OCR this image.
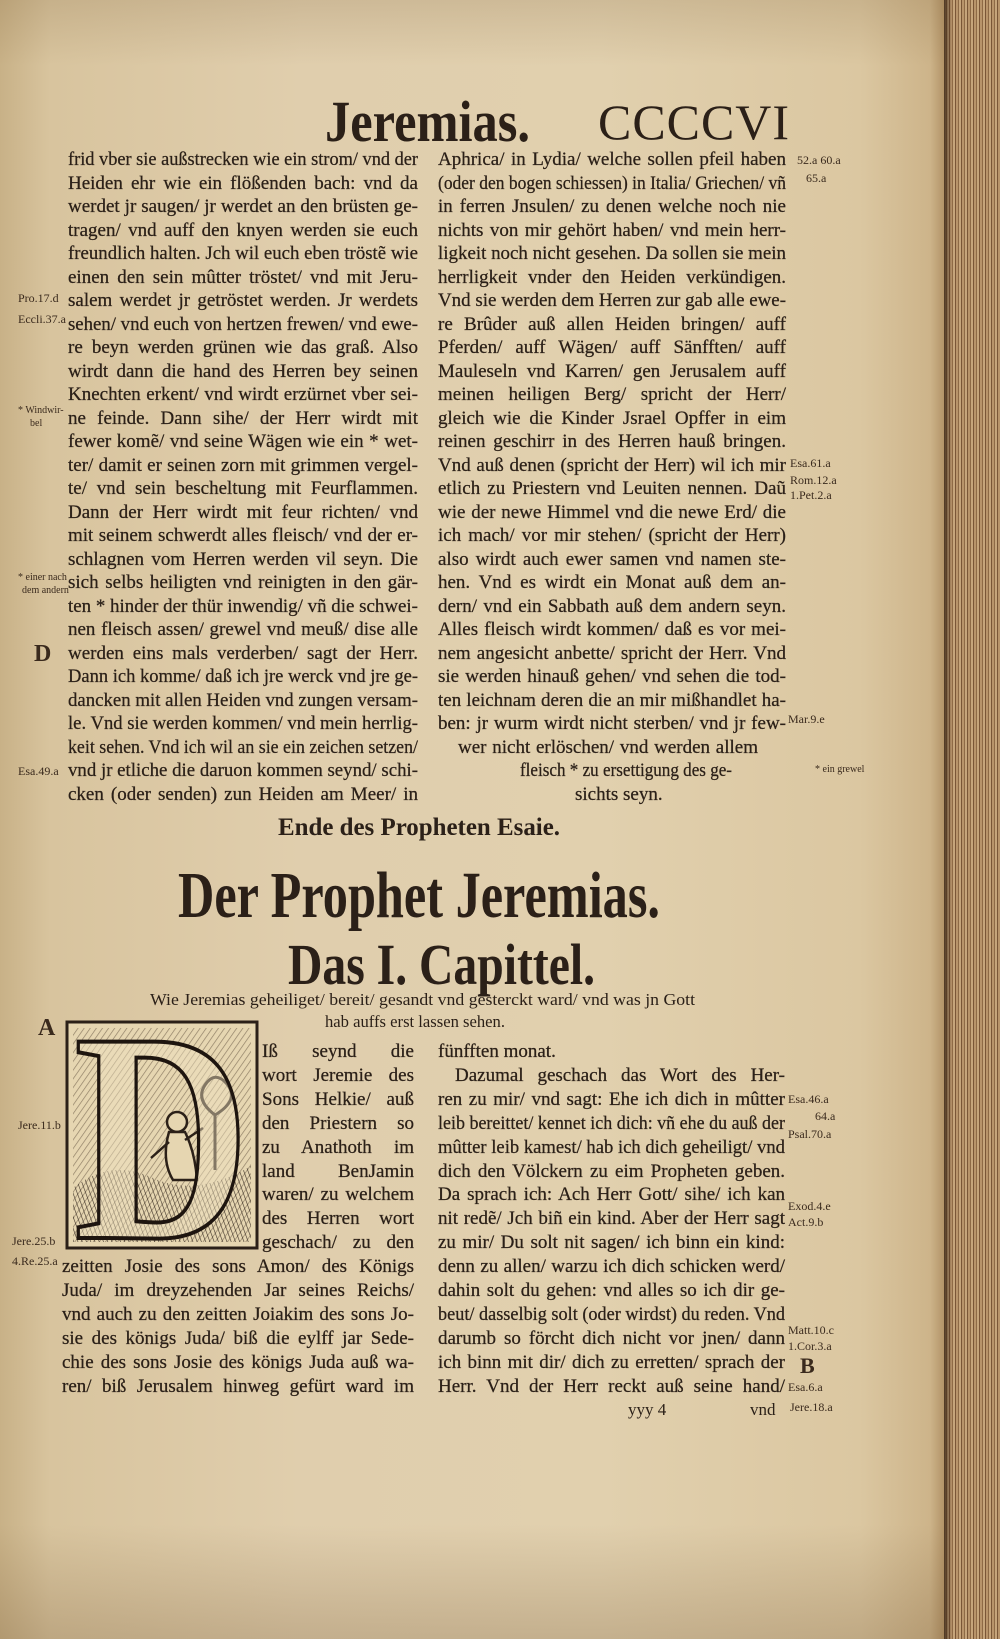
Jeremias. CCCCVI
frid vber sie außstrecken wie ein strom/ vnd der
Heiden ehr wie ein flößenden bach: vnd da
werdet jr saugen/ jr werdet an den brüsten ge-
tragen/ vnd auff den knyen werden sie euch
freundlich halten. Jch wil euch eben tröstẽ wie
einen den sein mûtter tröstet/ vnd mit Jeru-
salem werdet jr getröstet werden. Jr werdets
sehen/ vnd euch von hertzen frewen/ vnd ewe-
re beyn werden grünen wie das graß. Also
wirdt dann die hand des Herren bey seinen
Knechten erkent/ vnd wirdt erzürnet vber sei-
ne feinde. Dann sihe/ der Herr wirdt mit
fewer komẽ/ vnd seine Wägen wie ein * wet-
ter/ damit er seinen zorn mit grimmen vergel-
te/ vnd sein bescheltung mit Feurflammen.
Dann der Herr wirdt mit feur richten/ vnd
mit seinem schwerdt alles fleisch/ vnd der er-
schlagnen vom Herren werden vil seyn. Die
sich selbs heiligten vnd reinigten in den gär-
ten * hinder der thür inwendig/ vñ die schwei-
nen fleisch assen/ grewel vnd meuß/ dise alle
werden eins mals verderben/ sagt der Herr.
Dann ich komme/ daß ich jre werck vnd jre ge-
dancken mit allen Heiden vnd zungen versam-
le. Vnd sie werden kommen/ vnd mein herrlig-
keit sehen. Vnd ich wil an sie ein zeichen setzen/
vnd jr etliche die daruon kommen seynd/ schi-
cken (oder senden) zun Heiden am Meer/ in
Aphrica/ in Lydia/ welche sollen pfeil haben
(oder den bogen schiessen) in Italia/ Griechen/ vñ
in ferren Jnsulen/ zu denen welche noch nie
nichts von mir gehört haben/ vnd mein herr-
ligkeit noch nicht gesehen. Da sollen sie mein
herrligkeit vnder den Heiden verkündigen.
Vnd sie werden dem Herren zur gab alle ewe-
re Brûder auß allen Heiden bringen/ auff
Pferden/ auff Wägen/ auff Sänfften/ auff
Mauleseln vnd Karren/ gen Jerusalem auff
meinen heiligen Berg/ spricht der Herr/
gleich wie die Kinder Jsrael Opffer in eim
reinen geschirr in des Herren hauß bringen.
Vnd auß denen (spricht der Herr) wil ich mir
etlich zu Priestern vnd Leuiten nennen. Daũ
wie der newe Himmel vnd die newe Erd/ die
ich mach/ vor mir stehen/ (spricht der Herr)
also wirdt auch ewer samen vnd namen ste-
hen. Vnd es wirdt ein Monat auß dem an-
dern/ vnd ein Sabbath auß dem andern seyn.
Alles fleisch wirdt kommen/ daß es vor mei-
nem angesicht anbette/ spricht der Herr. Vnd
sie werden hinauß gehen/ vnd sehen die tod-
ten leichnam deren die an mir mißhandlet ha-
ben: jr wurm wirdt nicht sterben/ vnd jr few-
wer nicht erlöschen/ vnd werden allem
fleisch * zu ersettigung des ge-
sichts seyn.
Ende des Propheten Esaie.
Der Prophet Jeremias.
Das I. Capittel.
Wie Jeremias geheiliget/ bereit/ gesandt vnd gesterckt ward/ vnd was jn Gott
hab auffs erst lassen sehen.
D Iß seynd die
wort Jeremie des
Sons Helkie/ auß
den Priestern so
zu Anathoth im
land BenJamin
waren/ zu welchem
des Herren wort
geschach/ zu den
zeitten Josie des sons Amon/ des Königs
Juda/ im dreyzehenden Jar seines Reichs/
vnd auch zu den zeitten Joiakim des sons Jo-
sie des königs Juda/ biß die eylff jar Sede-
chie des sons Josie des königs Juda auß wa-
ren/ biß Jerusalem hinweg gefürt ward im
fünfften monat.
Dazumal geschach das Wort des Her-
ren zu mir/ vnd sagt: Ehe ich dich in mûtter
leib bereittet/ kennet ich dich: vñ ehe du auß der
mûtter leib kamest/ hab ich dich geheiligt/ vnd
dich den Völckern zu eim Propheten geben.
Da sprach ich: Ach Herr Gott/ sihe/ ich kan
nit redẽ/ Jch biñ ein kind. Aber der Herr sagt
zu mir/ Du solt nit sagen/ ich binn ein kind:
denn zu allen/ warzu ich dich schicken werd/
dahin solt du gehen: vnd alles so ich dir ge-
beut/ dasselbig solt (oder wirdst) du reden. Vnd
darumb so förcht dich nicht vor jnen/ dann
ich binn mit dir/ dich zu erretten/ sprach der
Herr. Vnd der Herr reckt auß seine hand/
Pro.17.d
Eccli.37.a
* Windwir-
bel
* einer nach
dem andern
D
Esa.49.a
52.a 60.a
65.a
Esa.61.a
Rom.12.a
1.Pet.2.a
Mar.9.e
* ein grewel
A
Jere.11.b
Jere.25.b
4.Re.25.a
Esa.46.a
64.a
Psal.70.a
Exod.4.e
Act.9.b
Matt.10.c
1.Cor.3.a
B
Esa.6.a
Jere.18.a
yyy 4	vnd
